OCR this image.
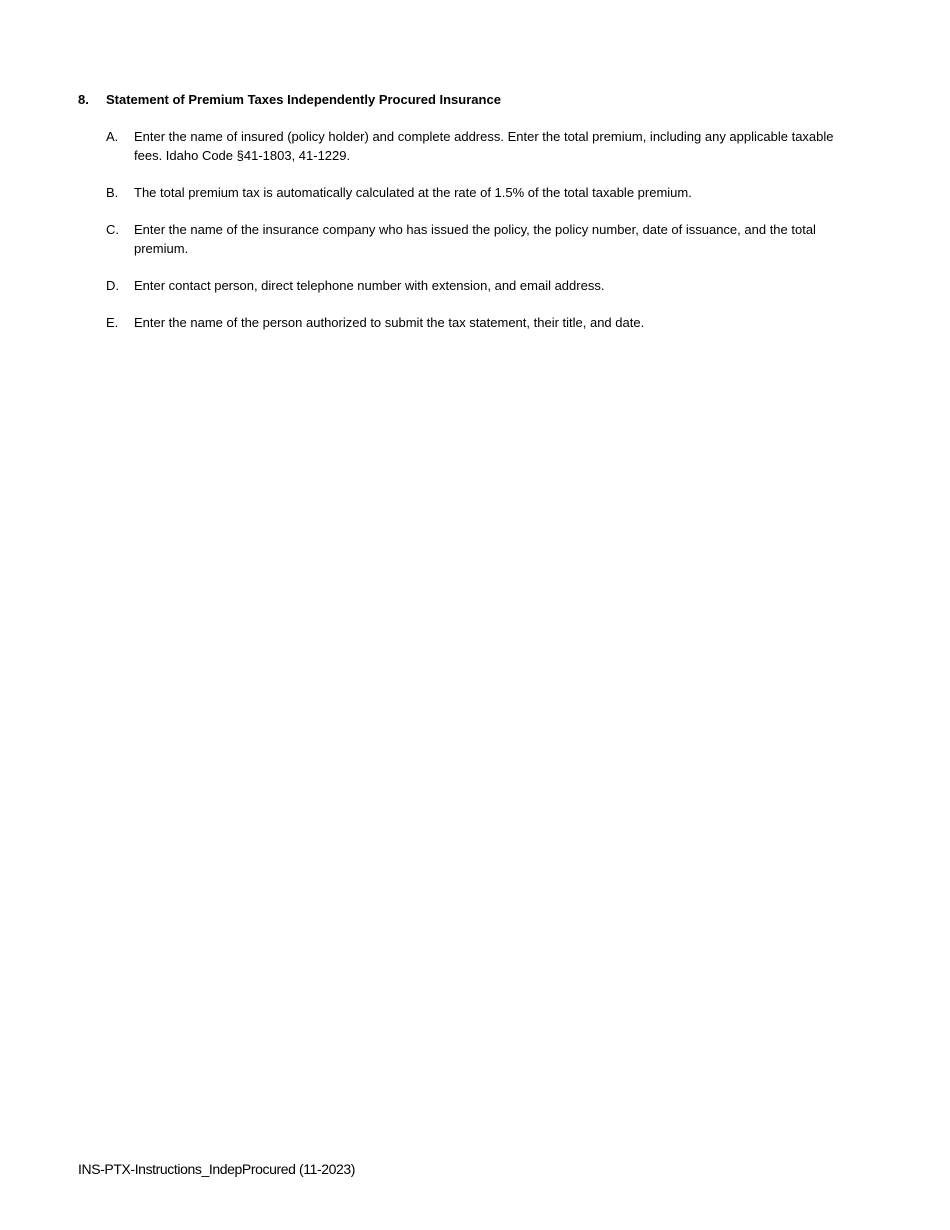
8.	Statement of Premium Taxes Independently Procured Insurance
A.	Enter the name of insured (policy holder) and complete address. Enter the total premium, including any applicable taxable fees. Idaho Code §41-1803, 41-1229.
B.	The total premium tax is automatically calculated at the rate of 1.5% of the total taxable premium.
C.	Enter the name of the insurance company who has issued the policy, the policy number, date of issuance, and the total premium.
D.	Enter contact person, direct telephone number with extension, and email address.
E.	Enter the name of the person authorized to submit the tax statement, their title, and date.
INS-PTX-Instructions_IndepProcured (11-2023)
